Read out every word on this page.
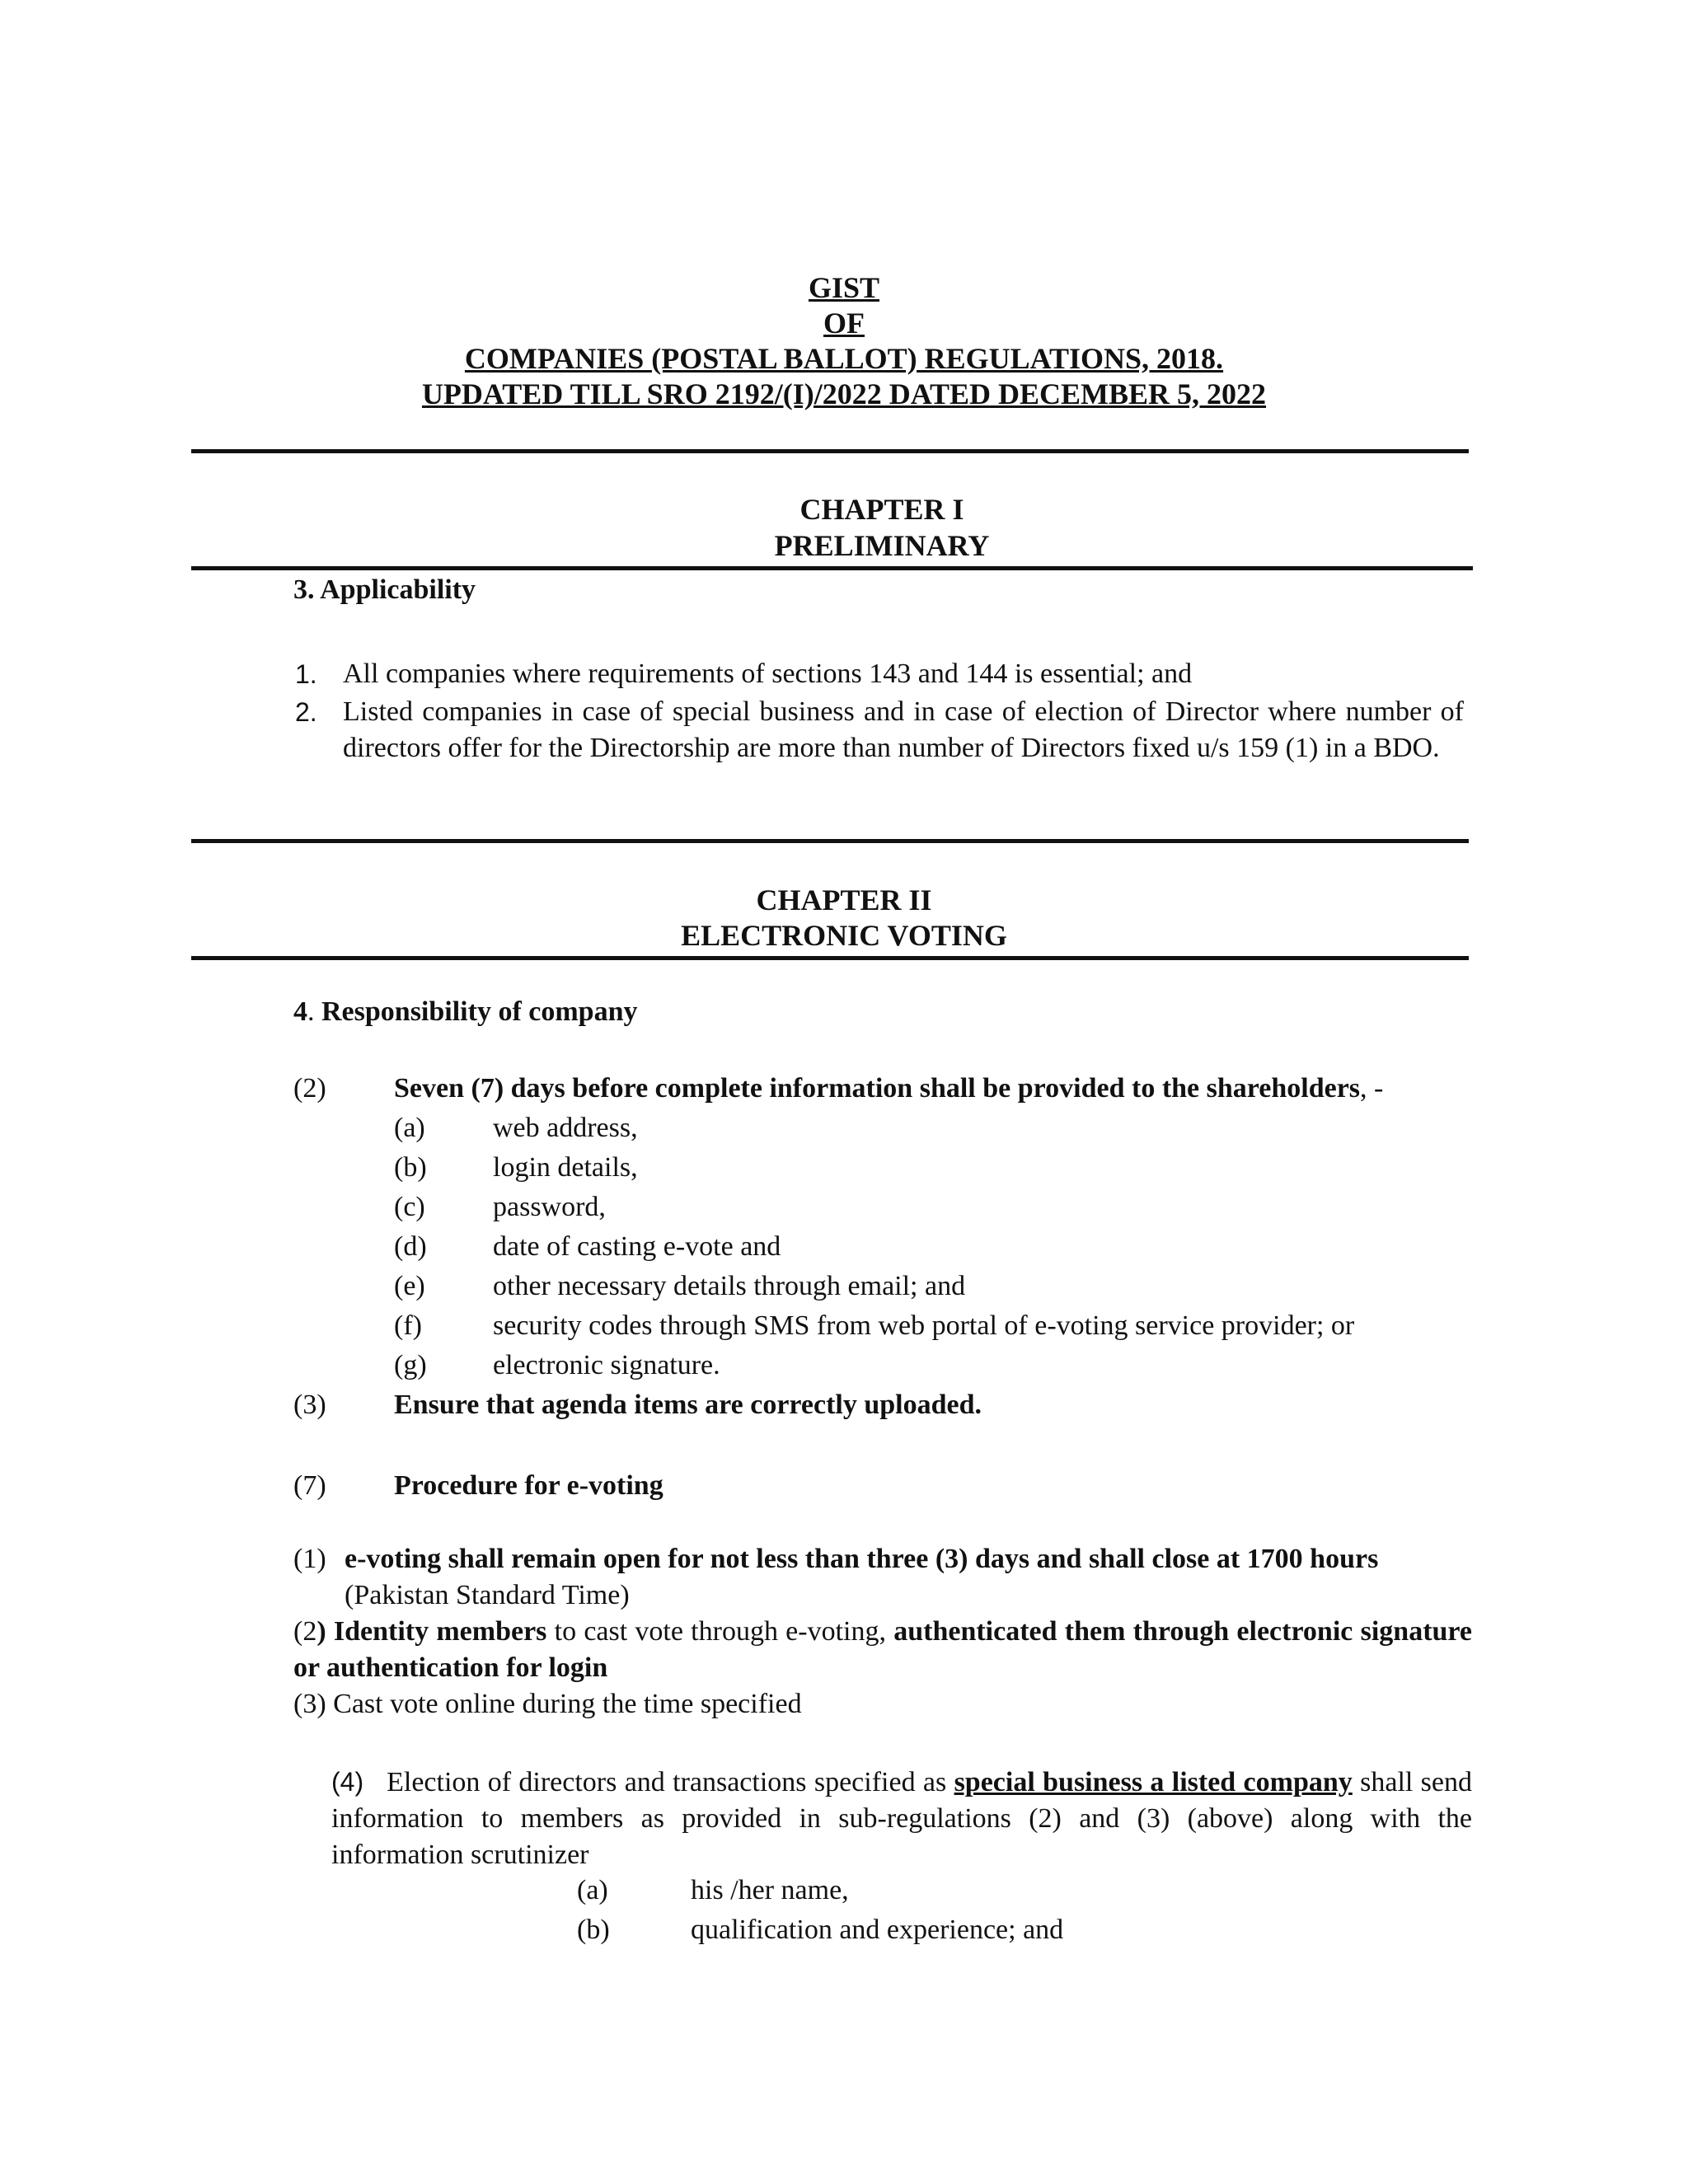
GIST
OF
COMPANIES (POSTAL BALLOT) REGULATIONS, 2018.
UPDATED TILL SRO 2192/(I)/2022 DATED DECEMBER 5, 2022
CHAPTER I
PRELIMINARY
3. Applicability
1. All companies where requirements of sections 143 and 144 is essential; and
2. Listed companies in case of special business and in case of election of Director where number of directors offer for the Directorship are more than number of Directors fixed u/s 159 (1) in a BDO.
CHAPTER II
ELECTRONIC VOTING
4. Responsibility of company
(2) Seven (7) days before complete information shall be provided to the shareholders, -
(a) web address,
(b) login details,
(c) password,
(d) date of casting e-vote and
(e) other necessary details through email; and
(f)	security codes through SMS from web portal of e-voting service provider; or
(g) electronic signature.
(3) Ensure that agenda items are correctly uploaded.
(7) Procedure for e-voting
(1) e-voting shall remain open for not less than three (3) days and shall close at 1700 hours
(Pakistan Standard Time)
(2) Identity members to cast vote through e-voting, authenticated them through electronic signature or authentication for login
(3) Cast vote online during the time specified
(4) Election of directors and transactions specified as special business a listed company shall send information to members as provided in sub-regulations (2) and (3) (above) along with the information scrutinizer
(a)	his /her name,
(b)	qualification and experience; and
